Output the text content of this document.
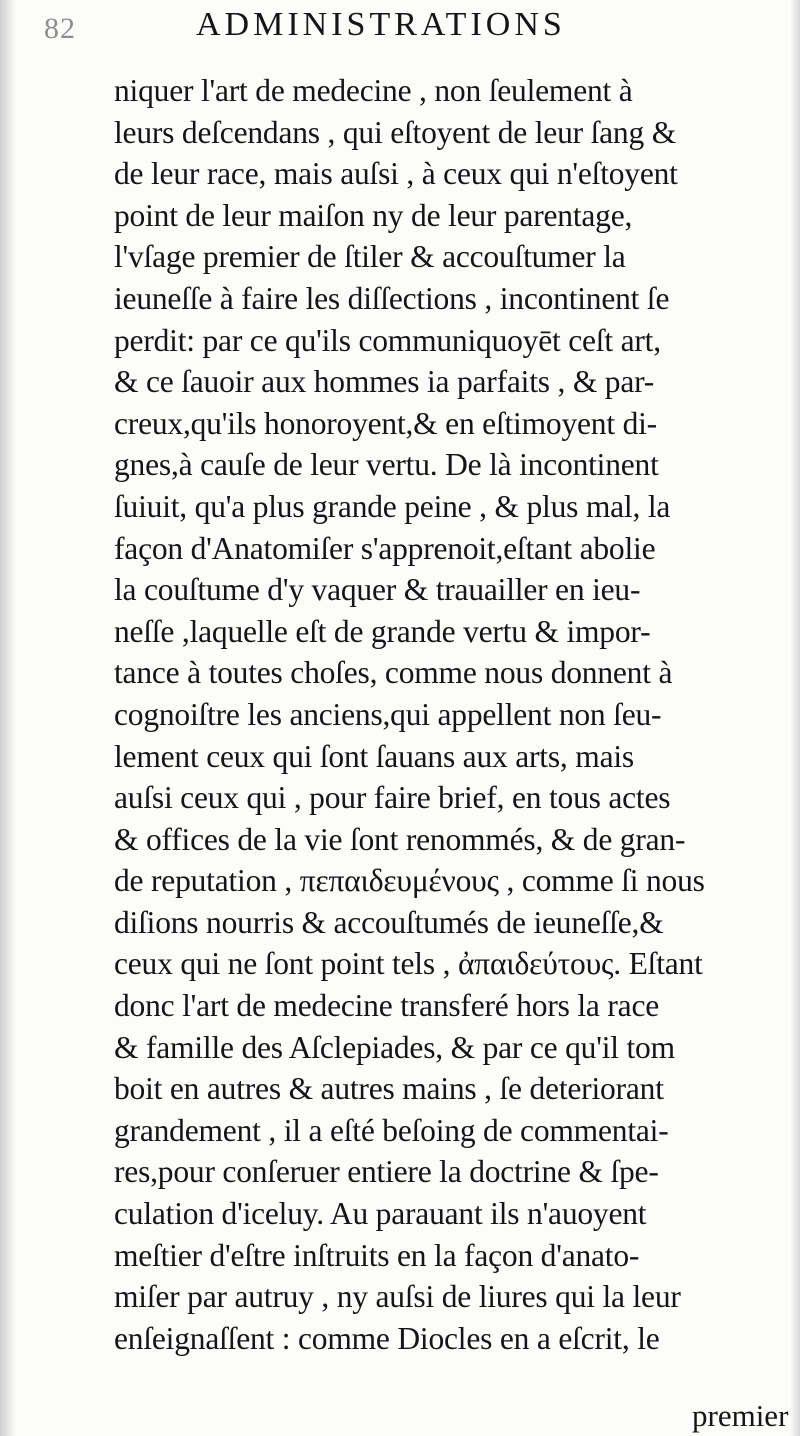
82	ADMINISTRATIONS
niquer l'art de medecine , non ſeulement à
leurs deſcendans , qui eſtoyent de leur ſang &
de leur race, mais auſsi , à ceux qui n'eſtoyent
point de leur maiſon ny de leur parentage,
l'vſage premier de ſtiler & accouſtumer la
ieuneſſe à faire les diſſections , incontinent ſe
perdit: par ce qu'ils communiquoyēt ceſt art,
& ce ſauoir aux hommes ia parfaits , & par-
creux,qu'ils honoroyent,& en eſtimoyent di-
gnes,à cauſe de leur vertu. De là incontinent
ſuiuit, qu'a plus grande peine , & plus mal, la
façon d'Anatomiſer s'apprenoit,eſtant abolie
la couſtume d'y vaquer & trauailler en ieu-
neſſe ,laquelle eſt de grande vertu & impor-
tance à toutes choſes, comme nous donnent à
cognoiſtre les anciens,qui appellent non ſeu-
lement ceux qui ſont ſauans aux arts, mais
auſsi ceux qui , pour faire brief, en tous actes
& offices de la vie ſont renommés, & de gran-
de reputation , πεπαιδευμένους , comme ſi nous
diſions nourris & accouſtumés de ieuneſſe,&
ceux qui ne ſont point tels , ἀπαιδεύτους. Eſtant
donc l'art de medecine transferé hors la race
& famille des Aſclepiades, & par ce qu'il tom
boit en autres & autres mains , ſe deteriorant
grandement , il a eſté beſoing de commentai-
res,pour conſeruer entiere la doctrine & ſpe-
culation d'iceluy. Au parauant ils n'auoyent
meſtier d'eſtre inſtruits en la façon d'anato-
miſer par autruy , ny auſsi de liures qui la leur
enſeignaſſent : comme Diocles en a eſcrit, le
premier
